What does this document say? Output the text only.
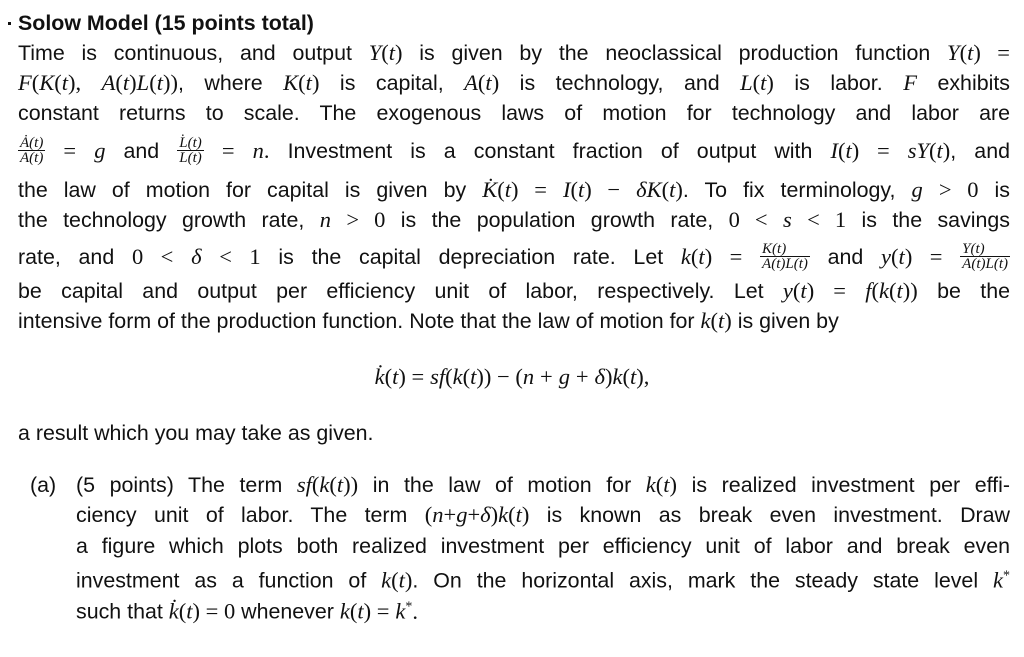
Solow Model (15 points total)
Time is continuous, and output Y(t) is given by the neoclassical production function Y(t) =
F(K(t), A(t)L(t)), where K(t) is capital, A(t) is technology, and L(t) is labor. F exhibits
constant returns to scale. The exogenous laws of motion for technology and labor are
$\frac{Ȧ(t)}{A(t)} = g$ and $\frac{L̇(t)}{L(t)} = n$. Investment is a constant fraction of output with I(t) = sY(t), and
the law of motion for capital is given by K̇(t) = I(t) − δK(t). To fix terminology, g > 0 is
the technology growth rate, n > 0 is the population growth rate, 0 < s < 1 is the savings
rate, and 0 < δ < 1 is the capital depreciation rate. Let $k(t) = \frac{K(t)}{A(t)L(t)}$ and $y(t) = \frac{Y(t)}{A(t)L(t)}$
be capital and output per efficiency unit of labor, respectively. Let y(t) = f(k(t)) be the
intensive form of the production function. Note that the law of motion for k(t) is given by
k̇(t) = sf(k(t)) − (n + g + δ)k(t),
a result which you may take as given.
(a) (5 points) The term sf(k(t)) in the law of motion for k(t) is realized investment per effi-
ciency unit of labor. The term (n+g+δ)k(t) is known as break even investment. Draw
a figure which plots both realized investment per efficiency unit of labor and break even
investment as a function of k(t). On the horizontal axis, mark the steady state level k*
such that k̇(t) = 0 whenever k(t) = k*.
